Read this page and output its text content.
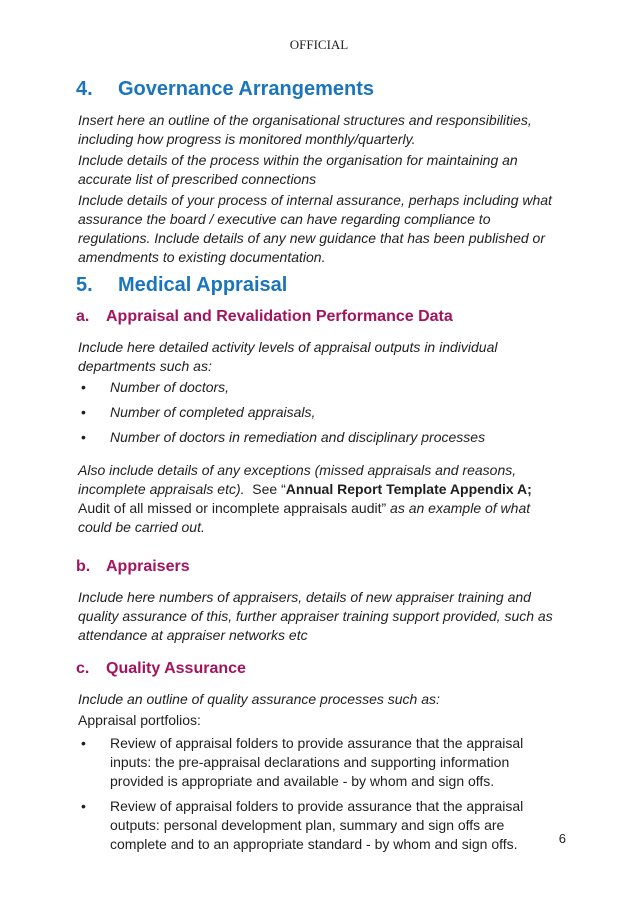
OFFICIAL
4.	Governance Arrangements

Insert here an outline of the organisational structures and responsibilities, including how progress is monitored monthly/quarterly.

Include details of the process within the organisation for maintaining an accurate list of prescribed connections

Include details of your process of internal assurance, perhaps including what assurance the board / executive can have regarding compliance to regulations. Include details of any new guidance that has been published or amendments to existing documentation.

5.	Medical Appraisal
a.	Appraisal and Revalidation Performance Data

Include here detailed activity levels of appraisal outputs in individual departments such as:

•	Number of doctors,
•	Number of completed appraisals,
•	Number of doctors in remediation and disciplinary processes

Also include details of any exceptions (missed appraisals and reasons, incomplete appraisals etc).  See “Annual Report Template Appendix A; Audit of all missed or incomplete appraisals audit” as an example of what could be carried out.

b. Appraisers

Include here numbers of appraisers, details of new appraiser training and quality assurance of this, further appraiser training support provided, such as attendance at appraiser networks etc

c.	Quality Assurance

Include an outline of quality assurance processes such as:

Appraisal portfolios:

•	Review of appraisal folders to provide assurance that the appraisal inputs: the pre-appraisal declarations and supporting information provided is appropriate and available - by whom and sign offs.
•	Review of appraisal folders to provide assurance that the appraisal outputs: personal development plan, summary and sign offs are complete and to an appropriate standard - by whom and sign offs.	6
